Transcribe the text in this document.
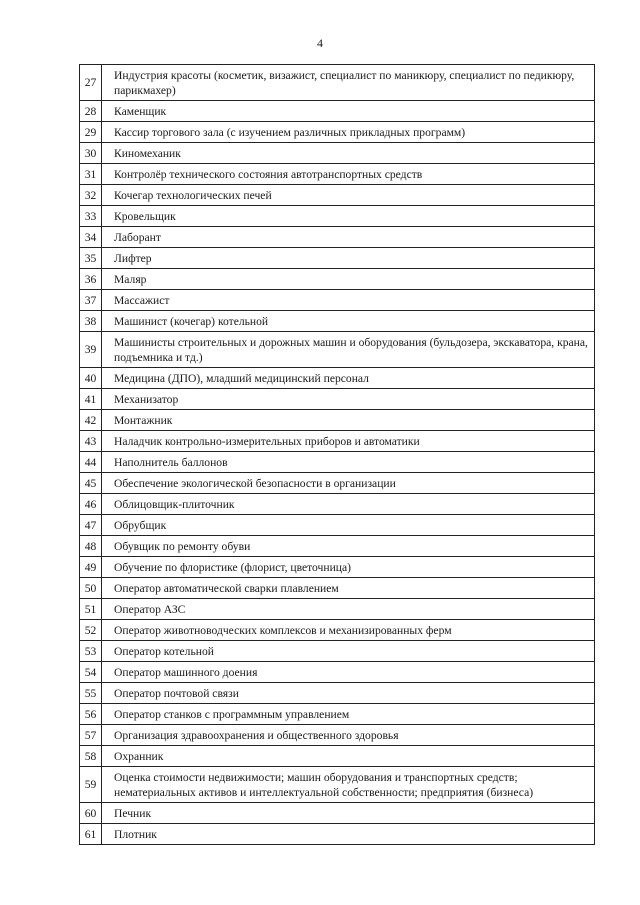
4
27	Индустрия красоты (косметик, визажист, специалист по маникюру, специалист по педикюру, парикмахер)
28	Каменщик
29	Кассир торгового зала (с изучением различных прикладных программ)
30	Киномеханик
31	Контролёр технического состояния автотранспортных средств
32	Кочегар технологических печей
33	Кровельщик
34	Лаборант
35	Лифтер
36	Маляр
37	Массажист
38	Машинист (кочегар) котельной
39	Машинисты строительных и дорожных машин и оборудования (бульдозера, экскаватора, крана, подъемника и тд.)
40	Медицина (ДПО), младший медицинский персонал
41	Механизатор
42	Монтажник
43	Наладчик контрольно-измерительных приборов и автоматики
44	Наполнитель баллонов
45	Обеспечение экологической безопасности в организации
46	Облицовщик-плиточник
47	Обрубщик
48	Обувщик по ремонту обуви
49	Обучение по флористике (флорист, цветочница)
50	Оператор автоматической сварки плавлением
51	Оператор АЗС
52	Оператор животноводческих комплексов и механизированных ферм
53	Оператор котельной
54	Оператор машинного доения
55	Оператор почтовой связи
56	Оператор станков с программным управлением
57	Организация здравоохранения и общественного здоровья
58	Охранник
59	Оценка стоимости недвижимости; машин оборудования и транспортных средств; нематериальных активов и интеллектуальной собственности; предприятия (бизнеса)
60	Печник
61	Плотник
